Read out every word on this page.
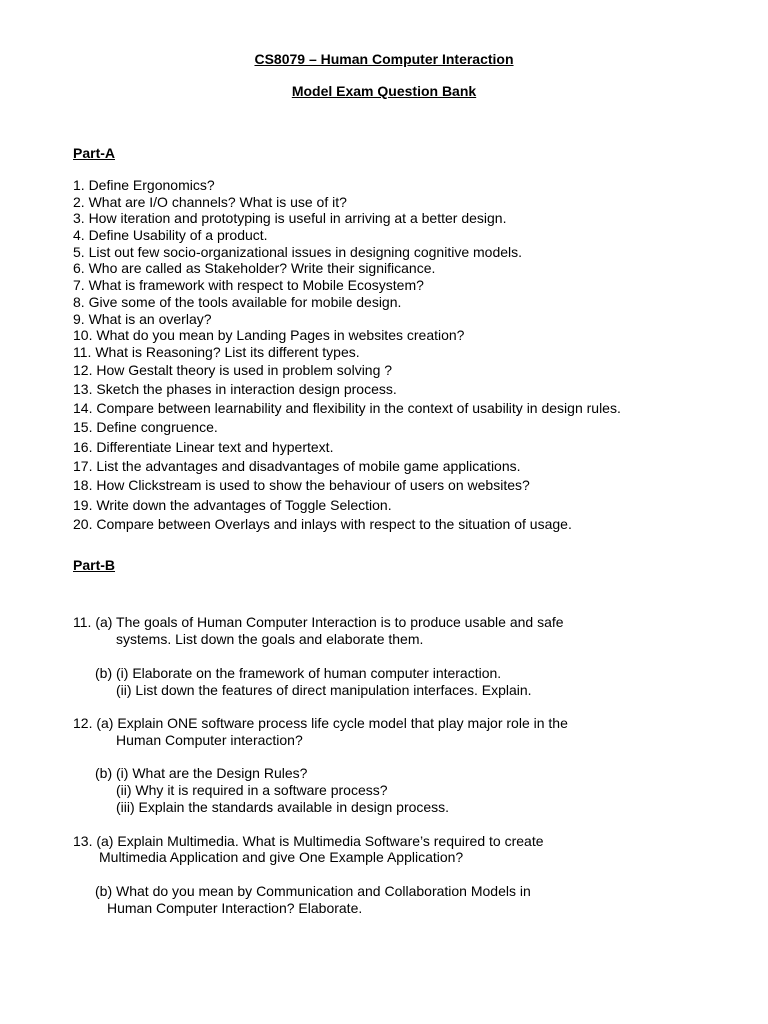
CS8079 – Human Computer Interaction
Model Exam Question Bank
Part-A
1. Define Ergonomics?
2. What are I/O channels? What is use of it?
3. How iteration and prototyping is useful in arriving at a better design.
4. Define Usability of a product.
5. List out few socio-organizational issues in designing cognitive models.
6. Who are called as Stakeholder? Write their significance.
7. What is framework with respect to Mobile Ecosystem?
8. Give some of the tools available for mobile design.
9. What is an overlay?
10. What do you mean by Landing Pages in websites creation?
11. What is Reasoning? List its different types.
12. How Gestalt theory is used in problem solving ?
13. Sketch the phases in interaction design process.
14. Compare between learnability and flexibility in the context of usability in design rules.
15. Define congruence.
16. Differentiate Linear text and hypertext.
17. List the advantages and disadvantages of mobile game applications.
18. How Clickstream is used to show the behaviour of users on websites?
19. Write down the advantages of Toggle Selection.
20. Compare between Overlays and inlays with respect to the situation of usage.
Part-B
11. (a) The goals of Human Computer Interaction is to produce usable and safe
systems. List down the goals and elaborate them.
(b) (i) Elaborate on the framework of human computer interaction.
(ii) List down the features of direct manipulation interfaces. Explain.
12. (a) Explain ONE software process life cycle model that play major role in the
Human Computer interaction?
(b) (i) What are the Design Rules?
(ii) Why it is required in a software process?
(iii) Explain the standards available in design process.
13. (a) Explain Multimedia. What is Multimedia Software’s required to create
Multimedia Application and give One Example Application?
(b) What do you mean by Communication and Collaboration Models in
Human Computer Interaction? Elaborate.
